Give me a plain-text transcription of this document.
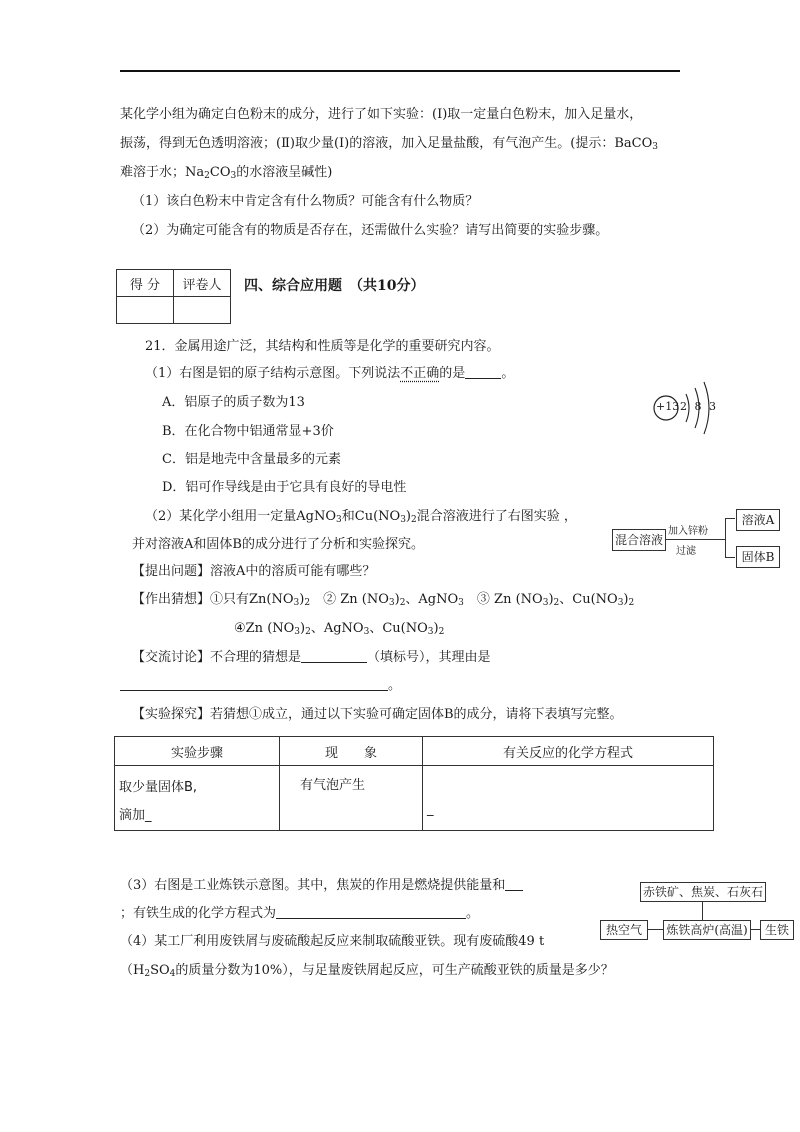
某化学小组为确定白色粉末的成分，进行了如下实验：(Ⅰ)取一定量白色粉末，加入足量水，
振荡，得到无色透明溶液；(Ⅱ)取少量(Ⅰ)的溶液，加入足量盐酸，有气泡产生。(提示：BaCO$_3$
难溶于水；$Na_2CO_3$的水溶液呈碱性)
（1）该白色粉末中肯定含有什么物质？可能含有什么物质？
（2）为确定可能含有的物质是否存在，还需做什么实验？请写出简要的实验步骤。
得 分	评卷人
	四、综合应用题　（共10分）
21．金属用途广泛，其结构和性质等是化学的重要研究内容。
（1）右图是铝的原子结构示意图。下列说法不正确的是	。
A．铝原子的质子数为13
B．在化合物中铝通常显+3价
C．铝是地壳中含量最多的元素
D．铝可作导线是由于它具有良好的导电性
+13 2 8 3
（2）某化学小组用一定量AgNO$_3$和$Cu(NO_3)_2$混合溶液进行了右图实验 ，
并对溶液A和固体B的成分进行了分析和实验探究。	混合溶液
加入锌粉
过滤
溶液A
固体B
【提出问题】溶液A中的溶质可能有哪些？
【作出猜想】①只有$Zn(NO_3)_2$　 ② Zn $(NO_3)_2$、AgNO$_3$　 ③ Zn $(NO_3)_2$、$Cu(NO_3)_2$
④Zn $(NO_3)_2$、AgNO$_3$、$Cu(NO_3)_2$
【交流讨论】不合理的猜想是	（填标号），其理由是
。
【实验探究】若猜想①成立，通过以下实验可确定固体B的成分，请将下表填写完整。
实验步骤	现　　象	有关反应的化学方程式
取少量固体B,
滴加_	有气泡产生	_
（3）右图是工业炼铁示意图。其中，焦炭的作用是燃烧提供能量和
；有铁生成的化学方程式为	。
赤铁矿、焦炭、石灰石
热空气	炼铁高炉(高温)	生铁
（4）某工厂利用废铁屑与废硫酸起反应来制取硫酸亚铁。现有废硫酸49 t
（$H_2SO_4$的质量分数为10%），与足量废铁屑起反应，可生产硫酸亚铁的质量是多少？
